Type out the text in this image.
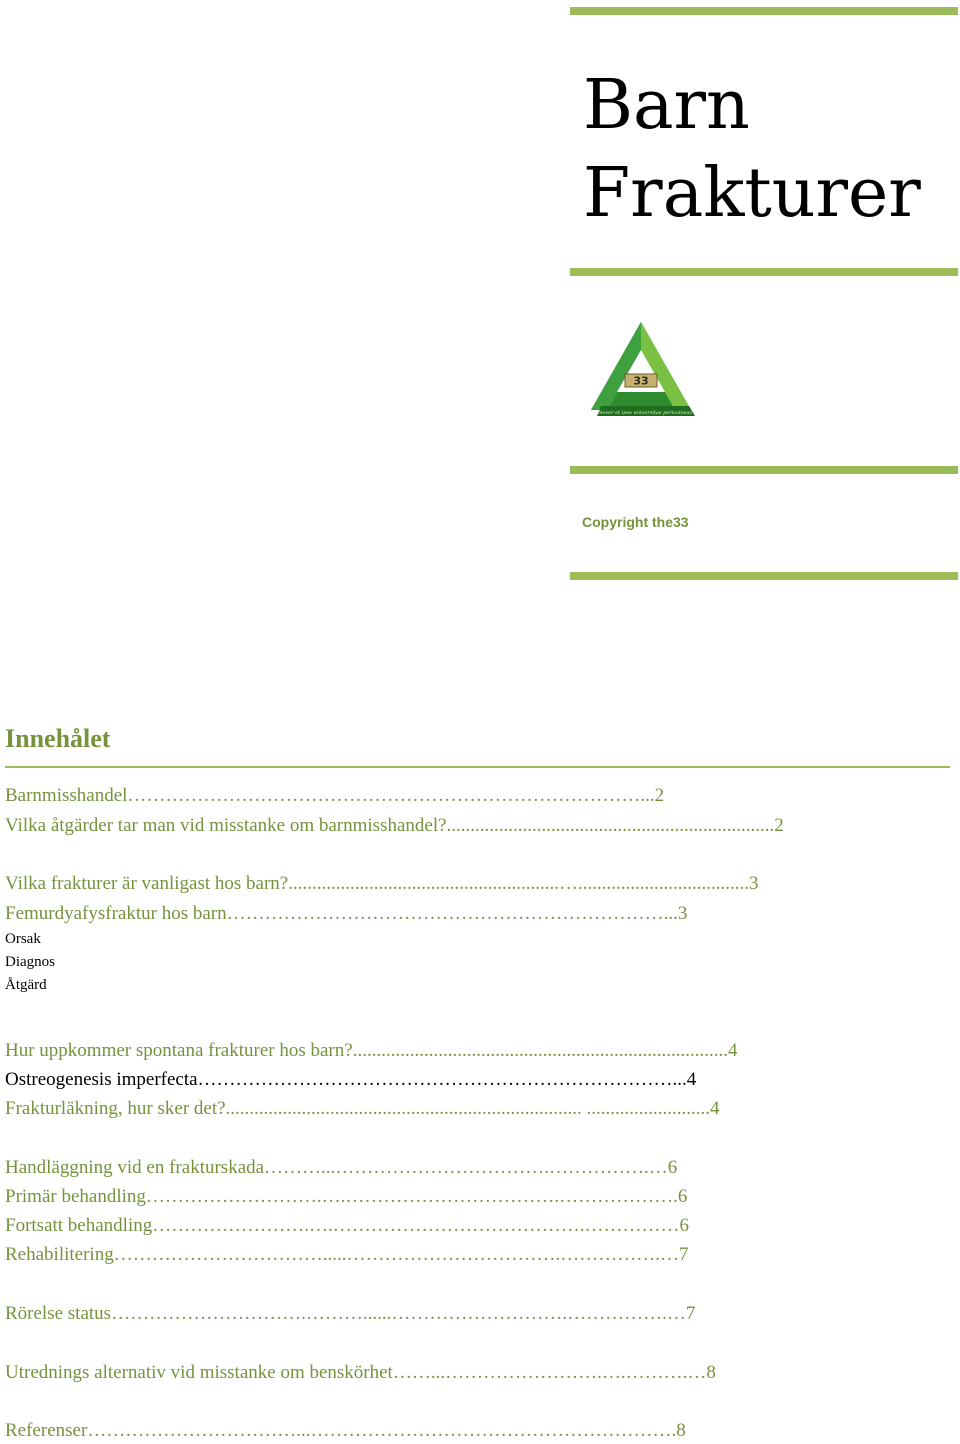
Barn
Frakturer
33
Never et ipse universitas pericolosus
Copyright the33
Innehålet
Barnmisshandel………………………………………………………………………...2
Vilka åtgärder tar man vid misstanke om barnmisshandel?.....................................................................2
Vilka frakturer är vanligast hos barn?.........................................................…....................................3
Femurdyafysfraktur hos barn……………………………………………………………...3
Orsak
Diagnos
Åtgärd
Hur uppkommer spontana frakturer hos barn?...............................................................................4
Ostreogenesis imperfecta…………………………………………………………………...4
Frakturläkning, hur sker det?........................................................................... ..........................4
Handläggning vid en frakturskada………...…………………………….…………….…6
Primär behandling……………………….….…………………………….……………….6
Fortsatt behandling…………………….….………………………………….……………6
Rehabilitering…………………………….....…………………………….…………….…7
Rörelse status………………………….………......……………………….…………….…7
Utrednings alternativ vid misstanke om benskörhet……...…………………….….……….…8
Referenser……………………………...………………………………………………….8
